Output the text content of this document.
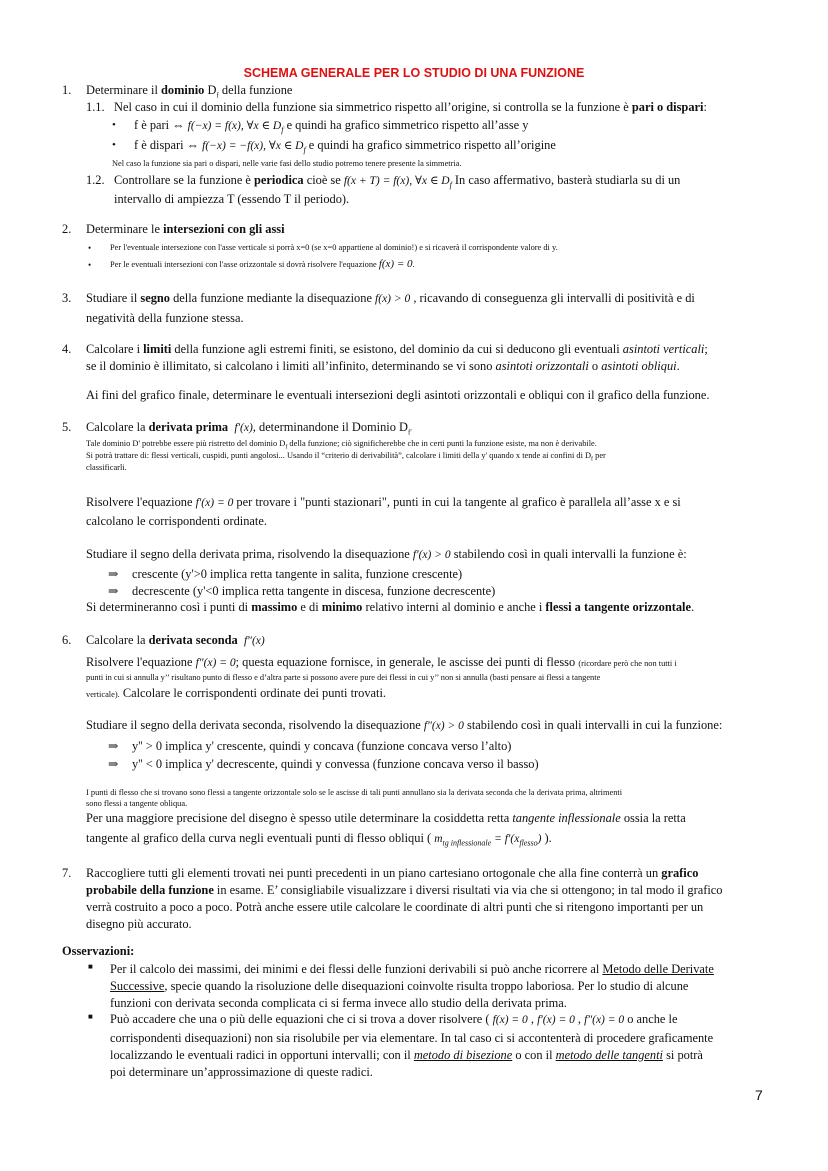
SCHEMA GENERALE PER LO STUDIO DI UNA FUNZIONE
1. Determinare il dominio $D_f$ della funzione
1.1. Nel caso in cui il dominio della funzione sia simmetrico rispetto all’origine, si controlla se la funzione è pari o dispari:
• f è pari ⇔ f(−x) = f(x), ∀x ∈ $D_f$ e quindi ha grafico simmetrico rispetto all’asse y
• f è dispari ⇔ f(−x) = −f(x), ∀x ∈ $D_f$ e quindi ha grafico simmetrico rispetto all’origine
Nel caso la funzione sia pari o dispari, nelle varie fasi dello studio potremo tenere presente la simmetria.
1.2. Controllare se la funzione è periodica cioè se f(x + T) = f(x), ∀x ∈ $D_f$ In caso affermativo, basterà studiarla su di un
intervallo di ampiezza T (essendo T il periodo).
2. Determinare le intersezioni con gli assi
• Per l'eventuale intersezione con l'asse verticale si porrà x=0 (se x=0 appartiene al dominio!) e si ricaverà il corrispondente valore di y.
• Per le eventuali intersezioni con l'asse orizzontale si dovrà risolvere l'equazione f(x) = 0.
3. Studiare il segno della funzione mediante la disequazione f(x) > 0 , ricavando di conseguenza gli intervalli di positività e di
negatività della funzione stessa.
4. Calcolare i limiti della funzione agli estremi finiti, se esistono, del dominio da cui si deducono gli eventuali asintoti verticali;
se il dominio è illimitato, si calcolano i limiti all’infinito, determinando se vi sono asintoti orizzontali o asintoti obliqui.
Ai fini del grafico finale, determinare le eventuali intersezioni degli asintoti orizzontali e obliqui con il grafico della funzione.
5. Calcolare la derivata prima f′(x), determinandone il Dominio $D_{f'}$
Tale dominio D' potrebbe essere più ristretto del dominio $D_f$ della funzione; ciò significherebbe che in certi punti la funzione esiste, ma non è derivabile.
Si potrà trattare di: flessi verticali, cuspidi, punti angolosi... Usando il “criterio di derivabilità”, calcolare i limiti della y' quando x tende ai confini di $D_f$ per
classificarli.
Risolvere l'equazione f′(x) = 0 per trovare i "punti stazionari", punti in cui la tangente al grafico è parallela all’asse x e si
calcolano le corrispondenti ordinate.
Studiare il segno della derivata prima, risolvendo la disequazione f′(x) > 0 stabilendo così in quali intervalli la funzione è:
⇒ crescente (y'>0 implica retta tangente in salita, funzione crescente)
⇒ decrescente (y'<0 implica retta tangente in discesa, funzione decrescente)
Si determineranno così i punti di massimo e di minimo relativo interni al dominio e anche i flessi a tangente orizzontale.
6. Calcolare la derivata seconda f″(x)
Risolvere l'equazione f″(x) = 0; questa equazione fornisce, in generale, le ascisse dei punti di flesso (ricordare però che non tutti i
punti in cui si annulla y’’ risultano punto di flesso e d’altra parte si possono avere pure dei flessi in cui y’’ non si annulla (basti pensare ai flessi a tangente
verticale). Calcolare le corrispondenti ordinate dei punti trovati.
Studiare il segno della derivata seconda, risolvendo la disequazione f″(x) > 0 stabilendo così in quali intervalli in cui la funzione:
⇒ y'' > 0 implica y' crescente, quindi y concava (funzione concava verso l’alto)
⇒ y'' < 0 implica y' decrescente, quindi y convessa (funzione concava verso il basso)
I punti di flesso che si trovano sono flessi a tangente orizzontale solo se le ascisse di tali punti annullano sia la derivata seconda che la derivata prima, altrimenti
sono flessi a tangente obliqua.
Per una maggiore precisione del disegno è spesso utile determinare la cosiddetta retta tangente inflessionale ossia la retta
tangente al grafico della curva negli eventuali punti di flesso obliqui ( $m_{tg inflessionale} = f'(x_{flesso})$ ).
7. Raccogliere tutti gli elementi trovati nei punti precedenti in un piano cartesiano ortogonale che alla fine conterrà un grafico
probabile della funzione in esame. E’ consigliabile visualizzare i diversi risultati via via che si ottengono; in tal modo il grafico
verrà costruito a poco a poco. Potrà anche essere utile calcolare le coordinate di altri punti che si ritengono importanti per un
disegno più accurato.
Osservazioni:
■ Per il calcolo dei massimi, dei minimi e dei flessi delle funzioni derivabili si può anche ricorrere al Metodo delle Derivate
Successive, specie quando la risoluzione delle disequazioni coinvolte risulta troppo laboriosa. Per lo studio di alcune
funzioni con derivata seconda complicata ci si ferma invece allo studio della derivata prima.
■ Può accadere che una o più delle equazioni che ci si trova a dover risolvere ( f(x) = 0 , f′(x) = 0 , f″(x) = 0 o anche le
corrispondenti disequazioni) non sia risolubile per via elementare. In tal caso ci si accontenterà di procedere graficamente
localizzando le eventuali radici in opportuni intervalli; con il metodo di bisezione o con il metodo delle tangenti si potrà
poi determinare un’approssimazione di queste radici.
7
